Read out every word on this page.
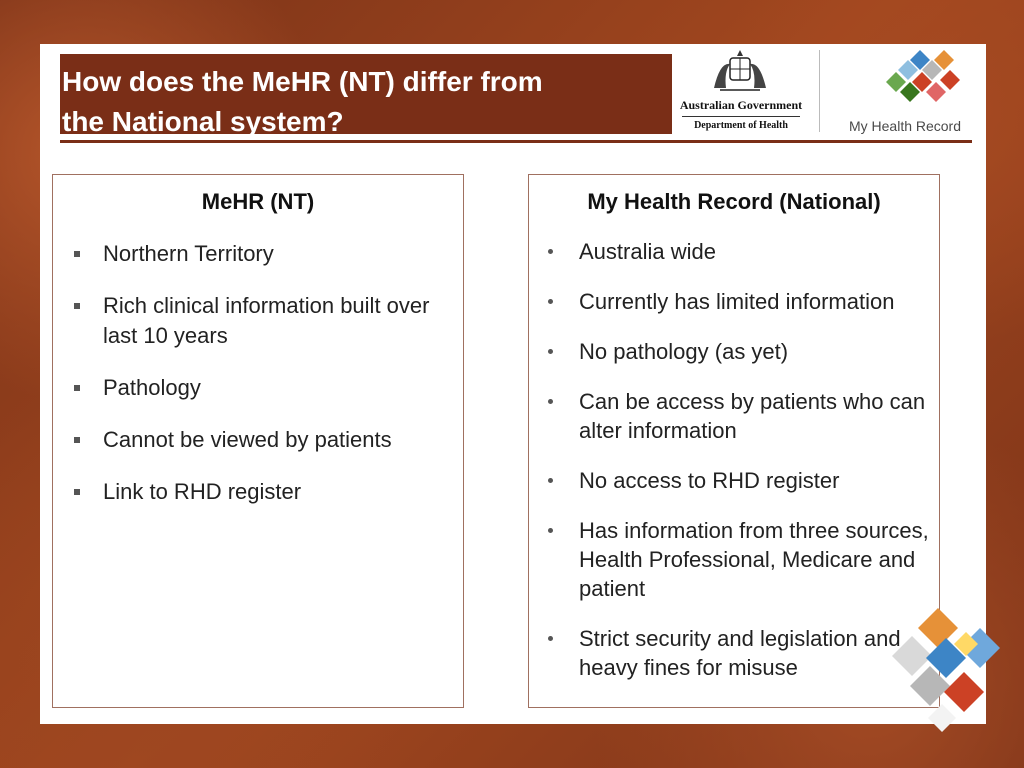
How does the MeHR (NT) differ from
the National system?
Australian Government
Department of Health	My Health Record
MeHR (NT)
Northern Territory
Rich clinical information built over last 10 years
Pathology
Cannot be viewed by patients
Link to RHD register
My Health Record (National)
Australia wide
Currently has limited information
No pathology (as yet)
Can be access by patients who can alter information
No access to RHD register
Has information from three sources, Health Professional, Medicare and patient
Strict security and legislation and heavy fines for misuse
